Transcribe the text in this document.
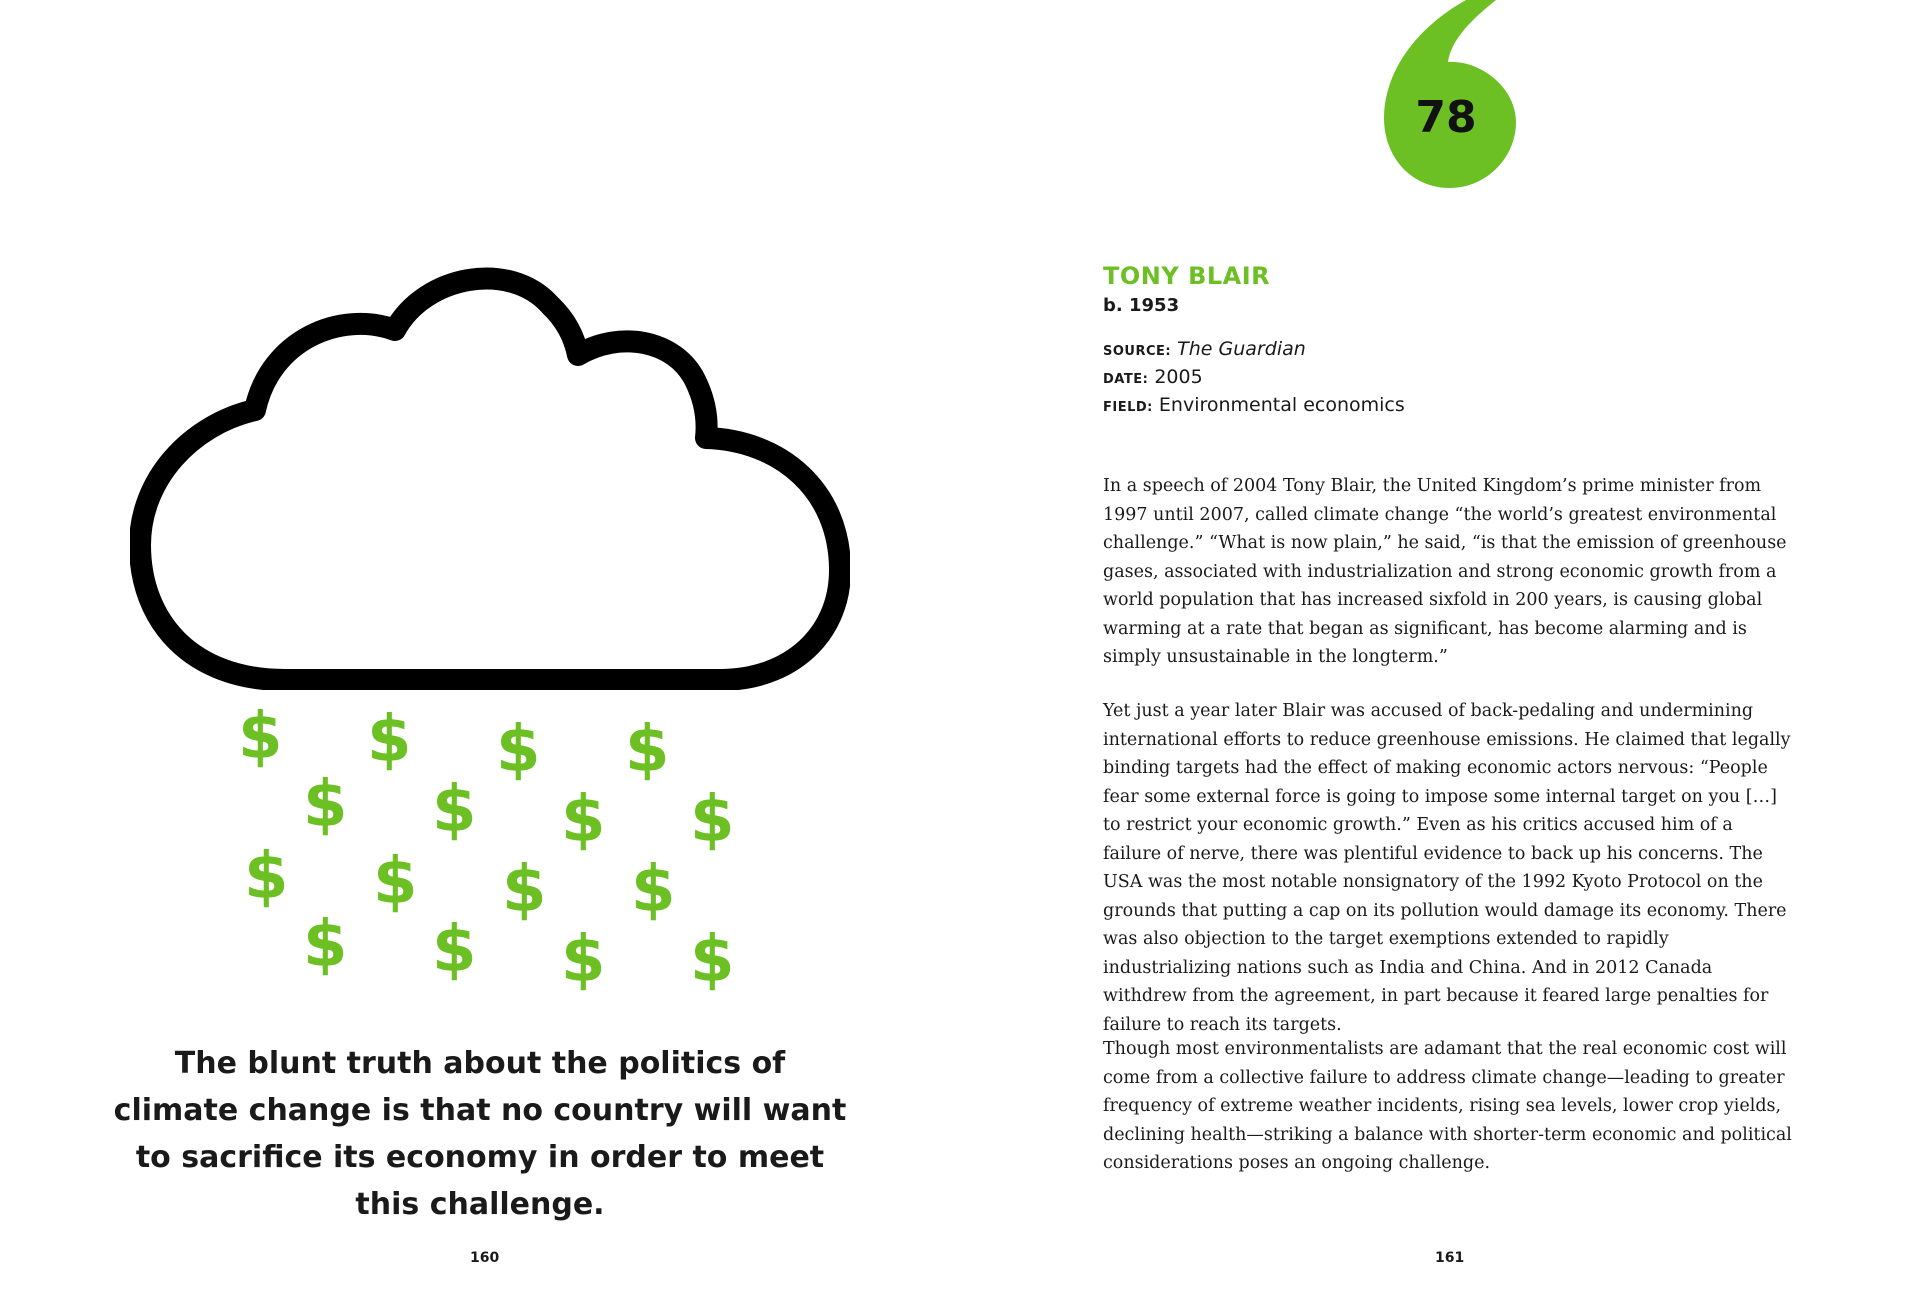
$ $ $ $
$ $ $ $
$ $ $ $
$ $ $ $
The blunt truth about the politics of climate change is that no country will want to sacrifice its economy in order to meet this challenge.
160
78
TONY BLAIR
b. 1953
SOURCE: The Guardian
DATE: 2005
FIELD: Environmental economics

In a speech of 2004 Tony Blair, the United Kingdom’s prime minister from 1997 until 2007, called climate change “the world’s greatest environmental challenge.” “What is now plain,” he said, “is that the emission of greenhouse gases, associated with industrialization and strong economic growth from a world population that has increased sixfold in 200 years, is causing global warming at a rate that began as significant, has become alarming and is simply unsustainable in the longterm.”

Yet just a year later Blair was accused of back-pedaling and undermining international efforts to reduce greenhouse emissions. He claimed that legally binding targets had the effect of making economic actors nervous: “People fear some external force is going to impose some internal target on you […] to restrict your economic growth.” Even as his critics accused him of a failure of nerve, there was plentiful evidence to back up his concerns. The USA was the most notable nonsignatory of the 1992 Kyoto Protocol on the grounds that putting a cap on its pollution would damage its economy. There was also objection to the target exemptions extended to rapidly industrializing nations such as India and China. And in 2012 Canada withdrew from the agreement, in part because it feared large penalties for failure to reach its targets.

Though most environmentalists are adamant that the real economic cost will come from a collective failure to address climate change—leading to greater frequency of extreme weather incidents, rising sea levels, lower crop yields, declining health—striking a balance with shorter-term economic and political considerations poses an ongoing challenge.

161
